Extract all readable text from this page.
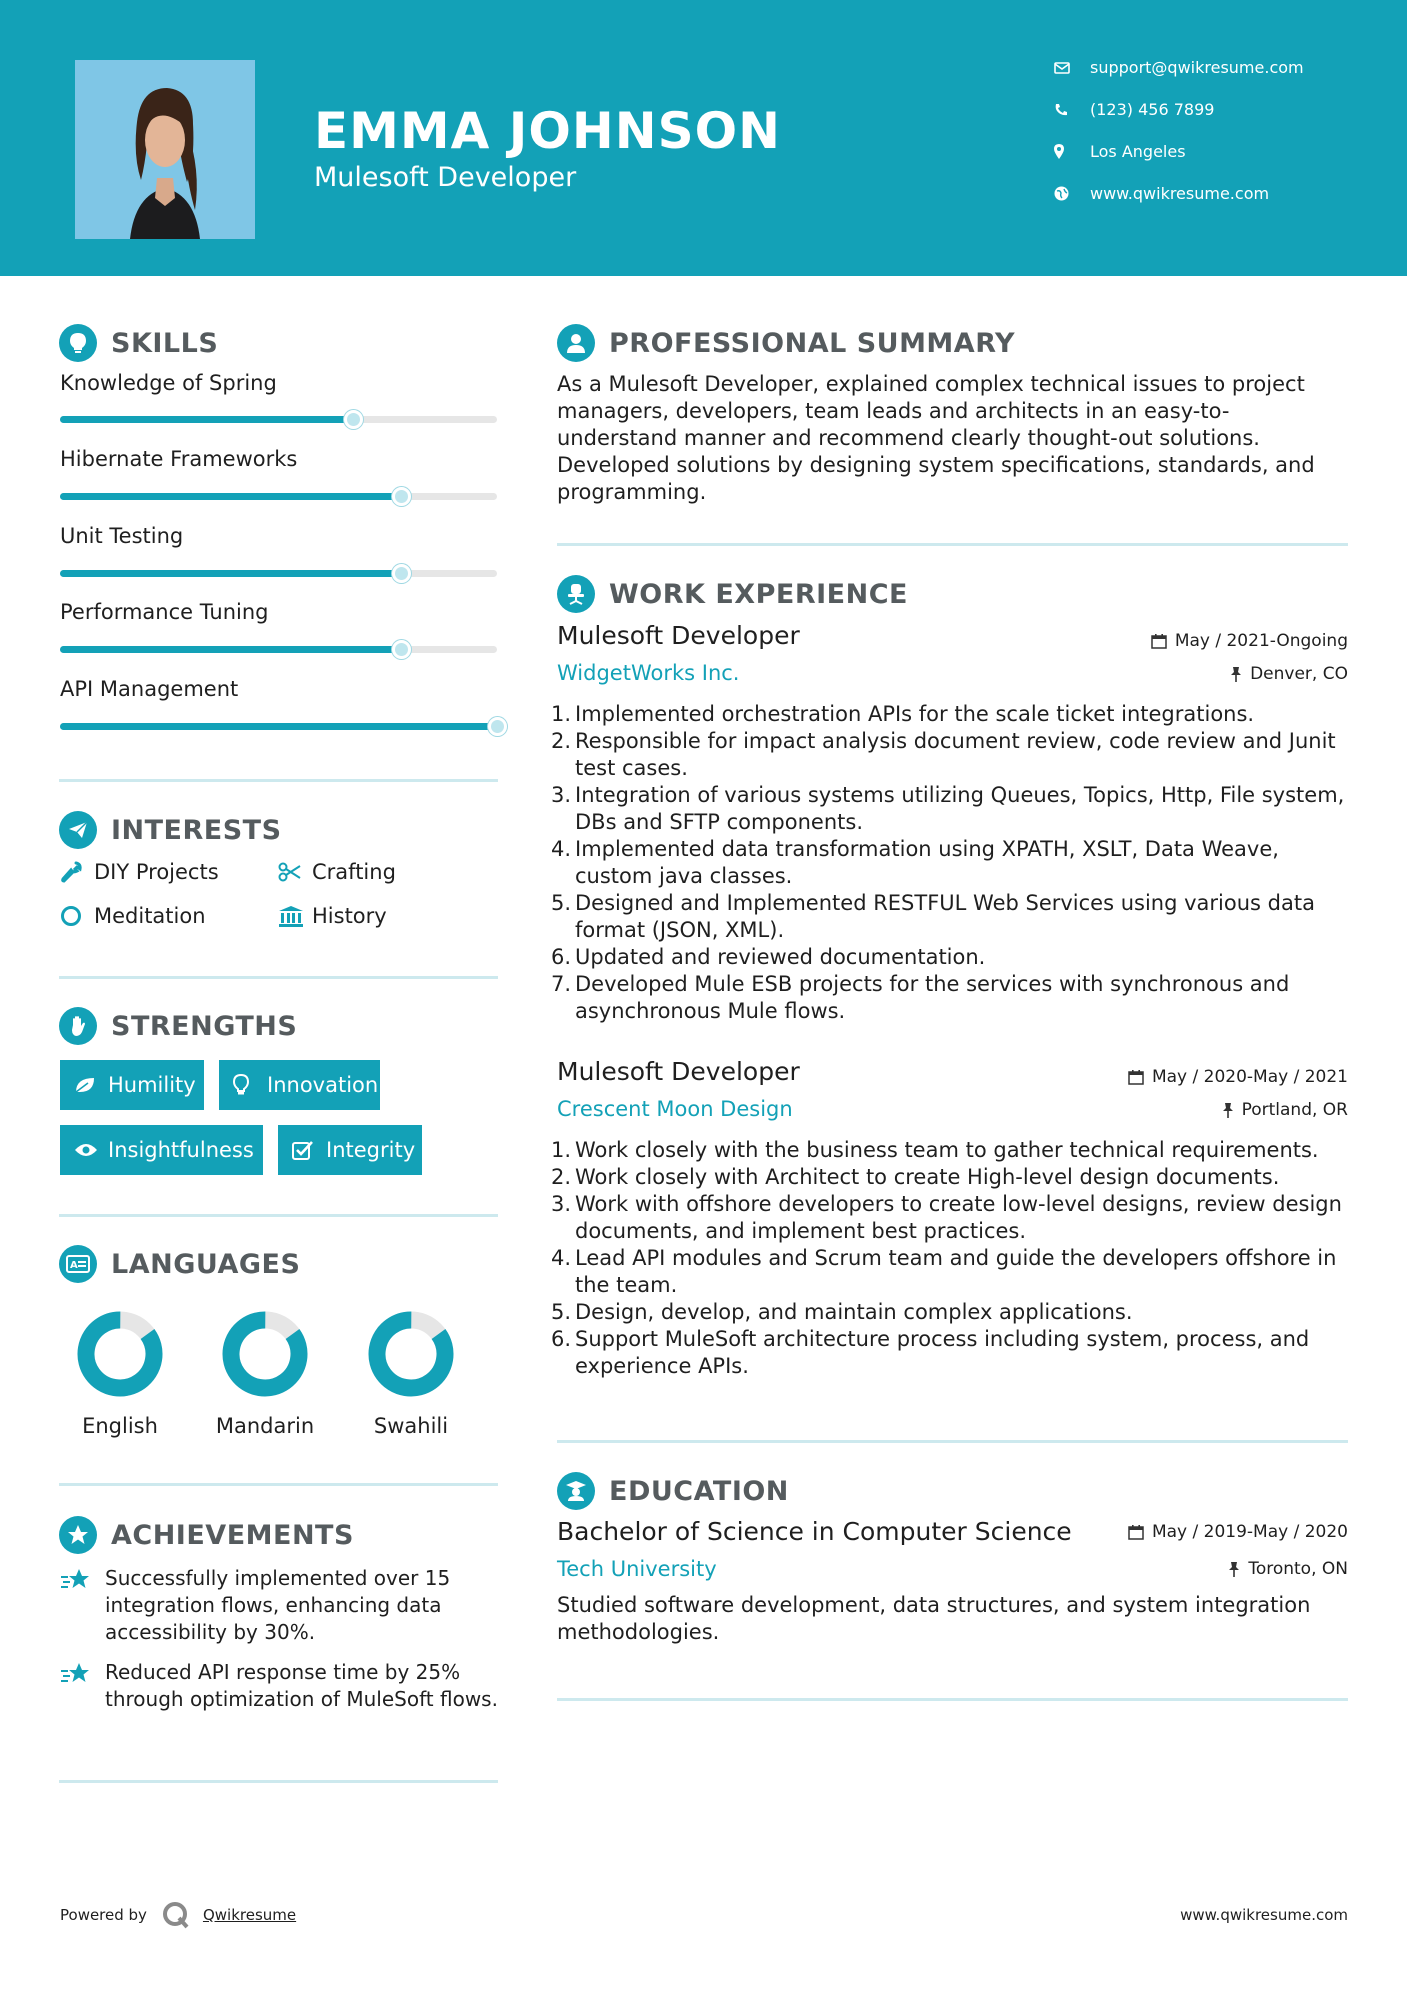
EMMA JOHNSON
Mulesoft Developer
support@qwikresume.com
(123) 456 7899
Los Angeles
www.qwikresume.com
SKILLS
Knowledge of Spring
Hibernate Frameworks
Unit Testing
Performance Tuning
API Management
INTERESTS
DIY Projects	Crafting
Meditation	History
STRENGTHS
Humility	Innovation
Insightfulness	Integrity
A LANGUAGES
English	Mandarin	Swahili
ACHIEVEMENTS
Successfully implemented over 15 integration flows, enhancing data accessibility by 30%.
Reduced API response time by 25% through optimization of MuleSoft flows.
PROFESSIONAL SUMMARY
As a Mulesoft Developer, explained complex technical issues to project managers, developers, team leads and architects in an easy-to-understand manner and recommend clearly thought-out solutions. Developed solutions by designing system specifications, standards, and programming.
WORK EXPERIENCE
Mulesoft Developer
WidgetWorks Inc.
May / 2021-Ongoing
Denver, CO
1. Implemented orchestration APIs for the scale ticket integrations.
2. Responsible for impact analysis document review, code review and Junit test cases.
3. Integration of various systems utilizing Queues, Topics, Http, File system, DBs and SFTP components.
4. Implemented data transformation using XPATH, XSLT, Data Weave, custom java classes.
5. Designed and Implemented RESTFUL Web Services using various data format (JSON, XML).
6. Updated and reviewed documentation.
7. Developed Mule ESB projects for the services with synchronous and asynchronous Mule flows.
Mulesoft Developer
Crescent Moon Design
May / 2020-May / 2021
Portland, OR
1. Work closely with the business team to gather technical requirements.
2. Work closely with Architect to create High-level design documents.
3. Work with offshore developers to create low-level designs, review design documents, and implement best practices.
4. Lead API modules and Scrum team and guide the developers offshore in the team.
5. Design, develop, and maintain complex applications.
6. Support MuleSoft architecture process including system, process, and experience APIs.
EDUCATION
Bachelor of Science in Computer Science
Tech University
May / 2019-May / 2020
Toronto, ON
Studied software development, data structures, and system integration methodologies.
Powered by	Qwikresume	www.qwikresume.com
